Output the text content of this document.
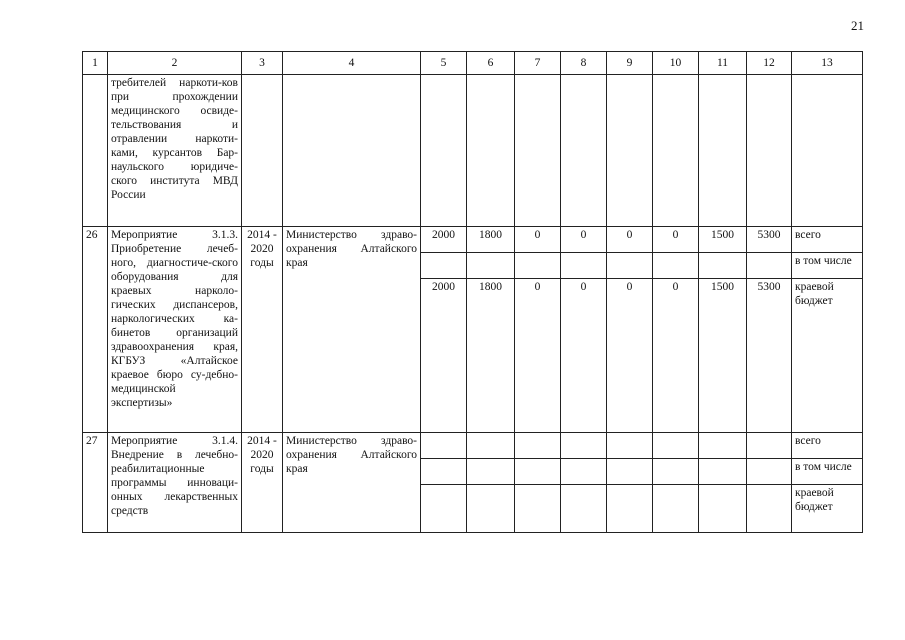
21
1	2	3	4	5	6	7	8	9	10	11	12	13
	требителей наркоти-ков при прохождении медицинского освиде-тельствования и отравлении наркоти-ками, курсантов Бар-наульского юридиче-ского института МВД России											
26	Мероприятие 3.1.3. Приобретение лечеб-ного, диагностиче-ского оборудования для краевых нарколо-гических диспансеров, наркологических ка-бинетов организаций здравоохранения края, КГБУЗ «Алтайское краевое бюро су-дебно-медицинской экспертизы»	2014 - 2020 годы	Министерство здраво-охранения Алтайского края	2000	1800	0	0	0	0	1500	5300	всего
												в том числе
				2000	1800	0	0	0	0	1500	5300	краевой бюджет
27	Мероприятие 3.1.4. Внедрение в лечебно-реабилитационные программы инноваци-онных лекарственных средств	2014 - 2020 годы	Министерство здраво-охранения Алтайского края									всего
												в том числе
												краевой бюджет
